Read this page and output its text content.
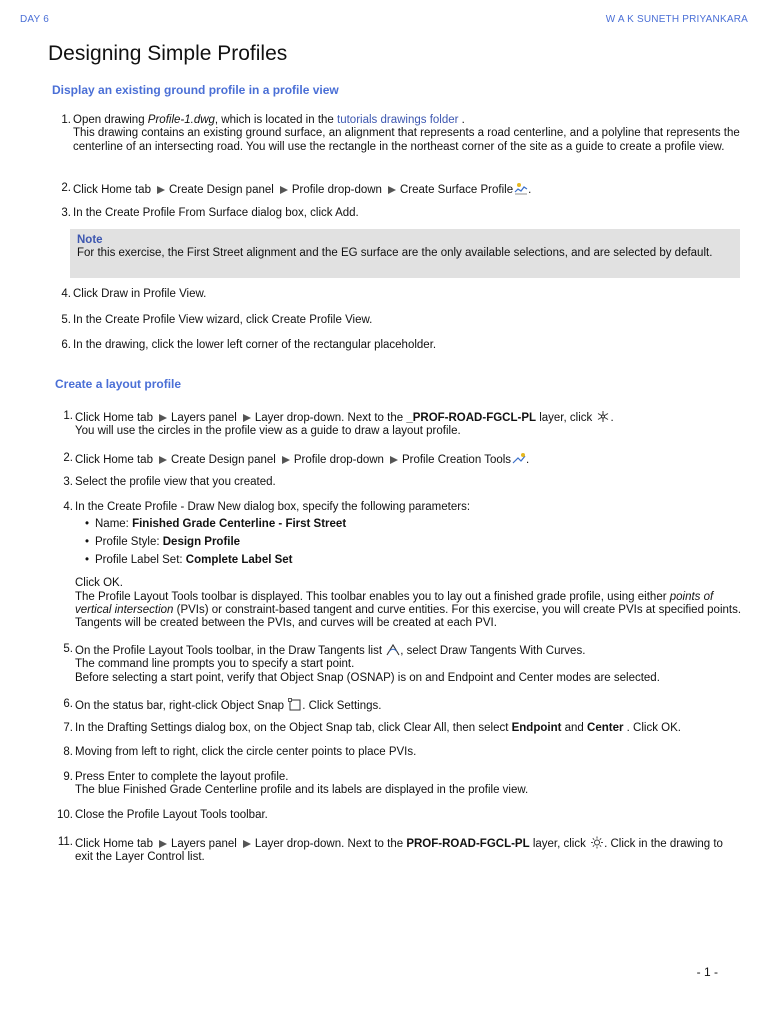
DAY 6	W A K SUNETH PRIYANKARA
Designing Simple Profiles
Display an existing ground profile in a profile view
1 . Open drawing Profile-1.dwg, which is located in the tutorials drawings folder .
This drawing contains an existing ground surface, an alignment that represents a road centerline, and a polyline that represents the centerline of an intersecting road. You will use the rectangle in the northeast corner of the site as a guide to create a profile view.
2 . Click Home tab Create Design panel Profile drop-down Create Surface Profile .
3 . In the Create Profile From Surface dialog box, click Add.
Note
For this exercise, the First Street alignment and the EG surface are the only available selections, and are selected by default.
4 . Click Draw in Profile View.
5 . In the Create Profile View wizard, click Create Profile View.
6 . In the drawing, click the lower left corner of the rectangular placeholder.
Create a layout profile
1 . Click Home tab Layers panel Layer drop-down. Next to the _PROF-ROAD-FGCL-PL layer, click
.
You will use the circles in the profile view as a guide to draw a layout profile.
2 . Click Home tab Create Design panel Profile drop-down Profile Creation Tools .
3 . Select the profile view that you created.
4 . In the Create Profile - Draw New dialog box, specify the following parameters:
• Name: Finished Grade Centerline - First Street
• Profile Style: Design Profile
• Profile Label Set: Complete Label Set
Click OK.
The Profile Layout Tools toolbar is displayed. This toolbar enables you to lay out a finished grade profile, using either points of vertical intersection (PVIs) or constraint-based tangent and curve entities. For this exercise, you will create PVIs at specified points. Tangents will be created between the PVIs, and curves will be created at each PVI.
5 . On the Profile Layout Tools toolbar, in the Draw Tangents list
, select Draw Tangents With Curves.
The command line prompts you to specify a start point.
Before selecting a start point, verify that Object Snap (OSNAP) is on and Endpoint and Center modes are selected.
6 . On the status bar, right-click Object Snap
. Click Settings.
7 . In the Drafting Settings dialog box, on the Object Snap tab, click Clear All, then select Endpoint and Center . Click OK.
8 . Moving from left to right, click the circle center points to place PVIs.
9 . Press Enter to complete the layout profile.
The blue Finished Grade Centerline profile and its labels are displayed in the profile view.
10 . Close the Profile Layout Tools toolbar.
11 . Click Home tab Layers panel Layer drop-down. Next to the PROF-ROAD-FGCL-PL layer, click
. Click in the drawing to exit the Layer Control list.
- 1 -
